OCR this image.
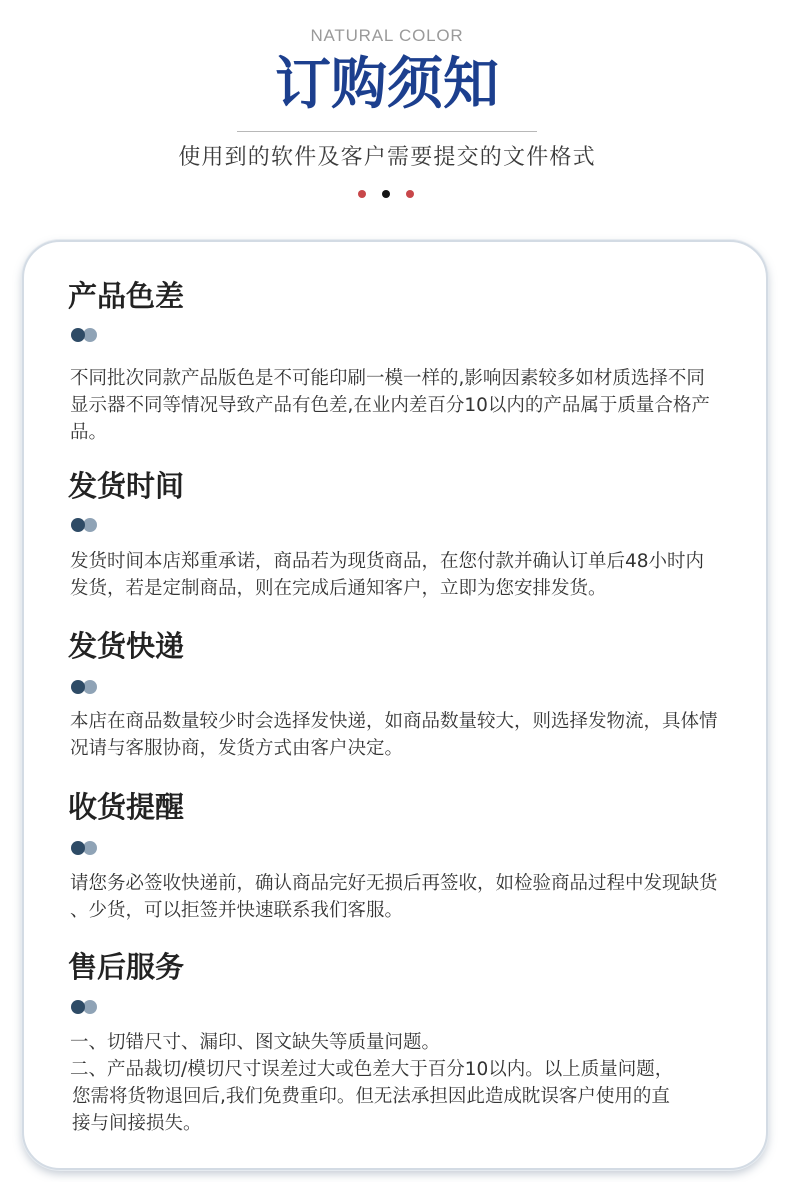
NATURAL COLOR
订购须知
使用到的软件及客户需要提交的文件格式
产品色差
不同批次同款产品版色是不可能印刷一模一样的,影响因素较多如材质选择不同
显示器不同等情况导致产品有色差,在业内差百分10以内的产品属于质量合格产
品。
发货时间
发货时间本店郑重承诺，商品若为现货商品，在您付款并确认订单后48小时内
发货，若是定制商品，则在完成后通知客户，立即为您安排发货。
发货快递
本店在商品数量较少时会选择发快递，如商品数量较大，则选择发物流，具体情
况请与客服协商，发货方式由客户决定。
收货提醒
请您务必签收快递前，确认商品完好无损后再签收，如检验商品过程中发现缺货
、少货，可以拒签并快速联系我们客服。
售后服务
一、切错尺寸、漏印、图文缺失等质量问题。
二、产品裁切/模切尺寸误差过大或色差大于百分10以内。以上质量问题，
您需将货物退回后,我们免费重印。但无法承担因此造成眈误客户使用的直
接与间接损失。
